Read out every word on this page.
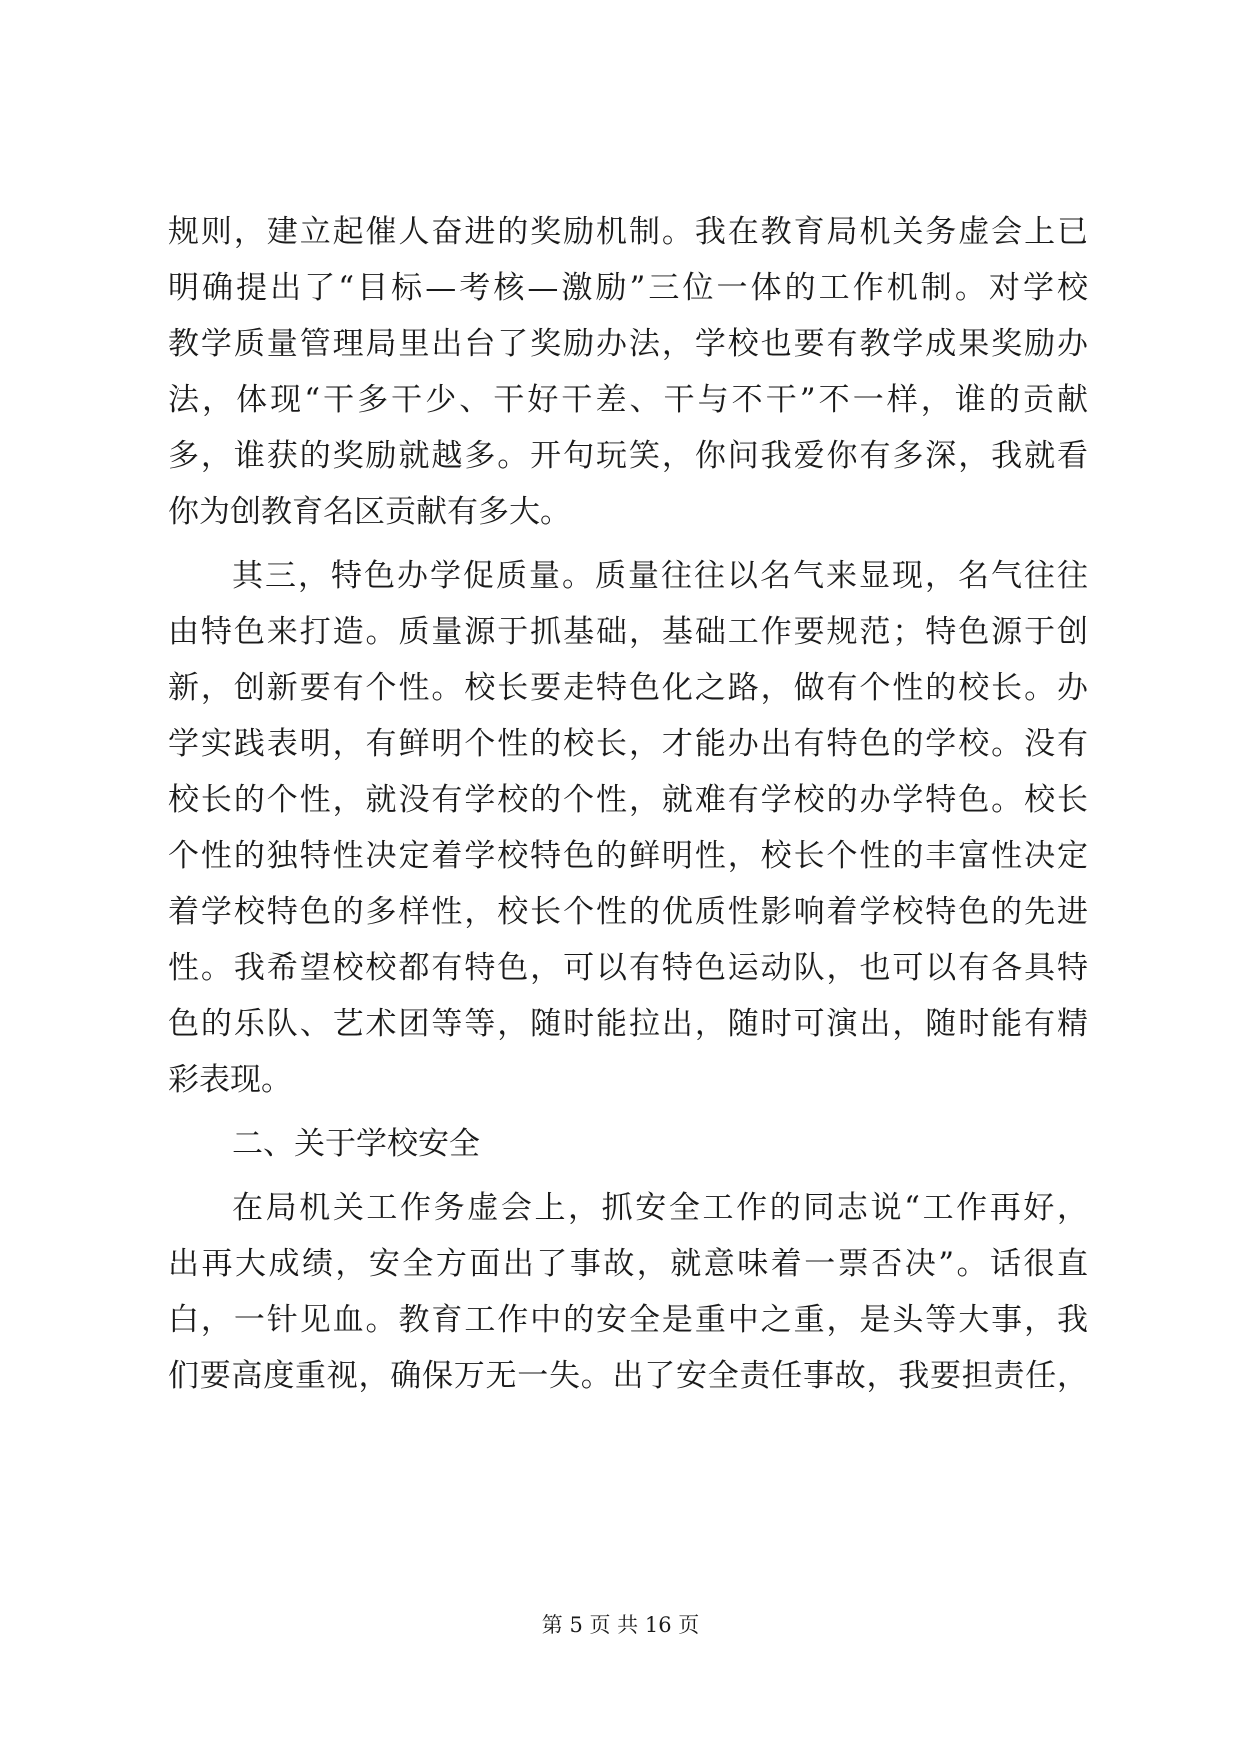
规则，建立起催人奋进的奖励机制。我在教育局机关务虚会上已
明确提出了“目标—考核—激励”三位一体的工作机制。对学校
教学质量管理局里出台了奖励办法，学校也要有教学成果奖励办
法，体现“干多干少、干好干差、干与不干”不一样，谁的贡献
多，谁获的奖励就越多。开句玩笑，你问我爱你有多深，我就看
你为创教育名区贡献有多大。
其三，特色办学促质量。质量往往以名气来显现，名气往往
由特色来打造。质量源于抓基础，基础工作要规范；特色源于创
新，创新要有个性。校长要走特色化之路，做有个性的校长。办
学实践表明，有鲜明个性的校长，才能办出有特色的学校。没有
校长的个性，就没有学校的个性，就难有学校的办学特色。校长
个性的独特性决定着学校特色的鲜明性，校长个性的丰富性决定
着学校特色的多样性，校长个性的优质性影响着学校特色的先进
性。我希望校校都有特色，可以有特色运动队，也可以有各具特
色的乐队、艺术团等等，随时能拉出，随时可演出，随时能有精
彩表现。
二、关于学校安全
在局机关工作务虚会上，抓安全工作的同志说“工作再好，
出再大成绩，安全方面出了事故，就意味着一票否决”。话很直
白，一针见血。教育工作中的安全是重中之重，是头等大事，我
们要高度重视，确保万无一失。出了安全责任事故，我要担责任，
第 5 页 共 16 页
